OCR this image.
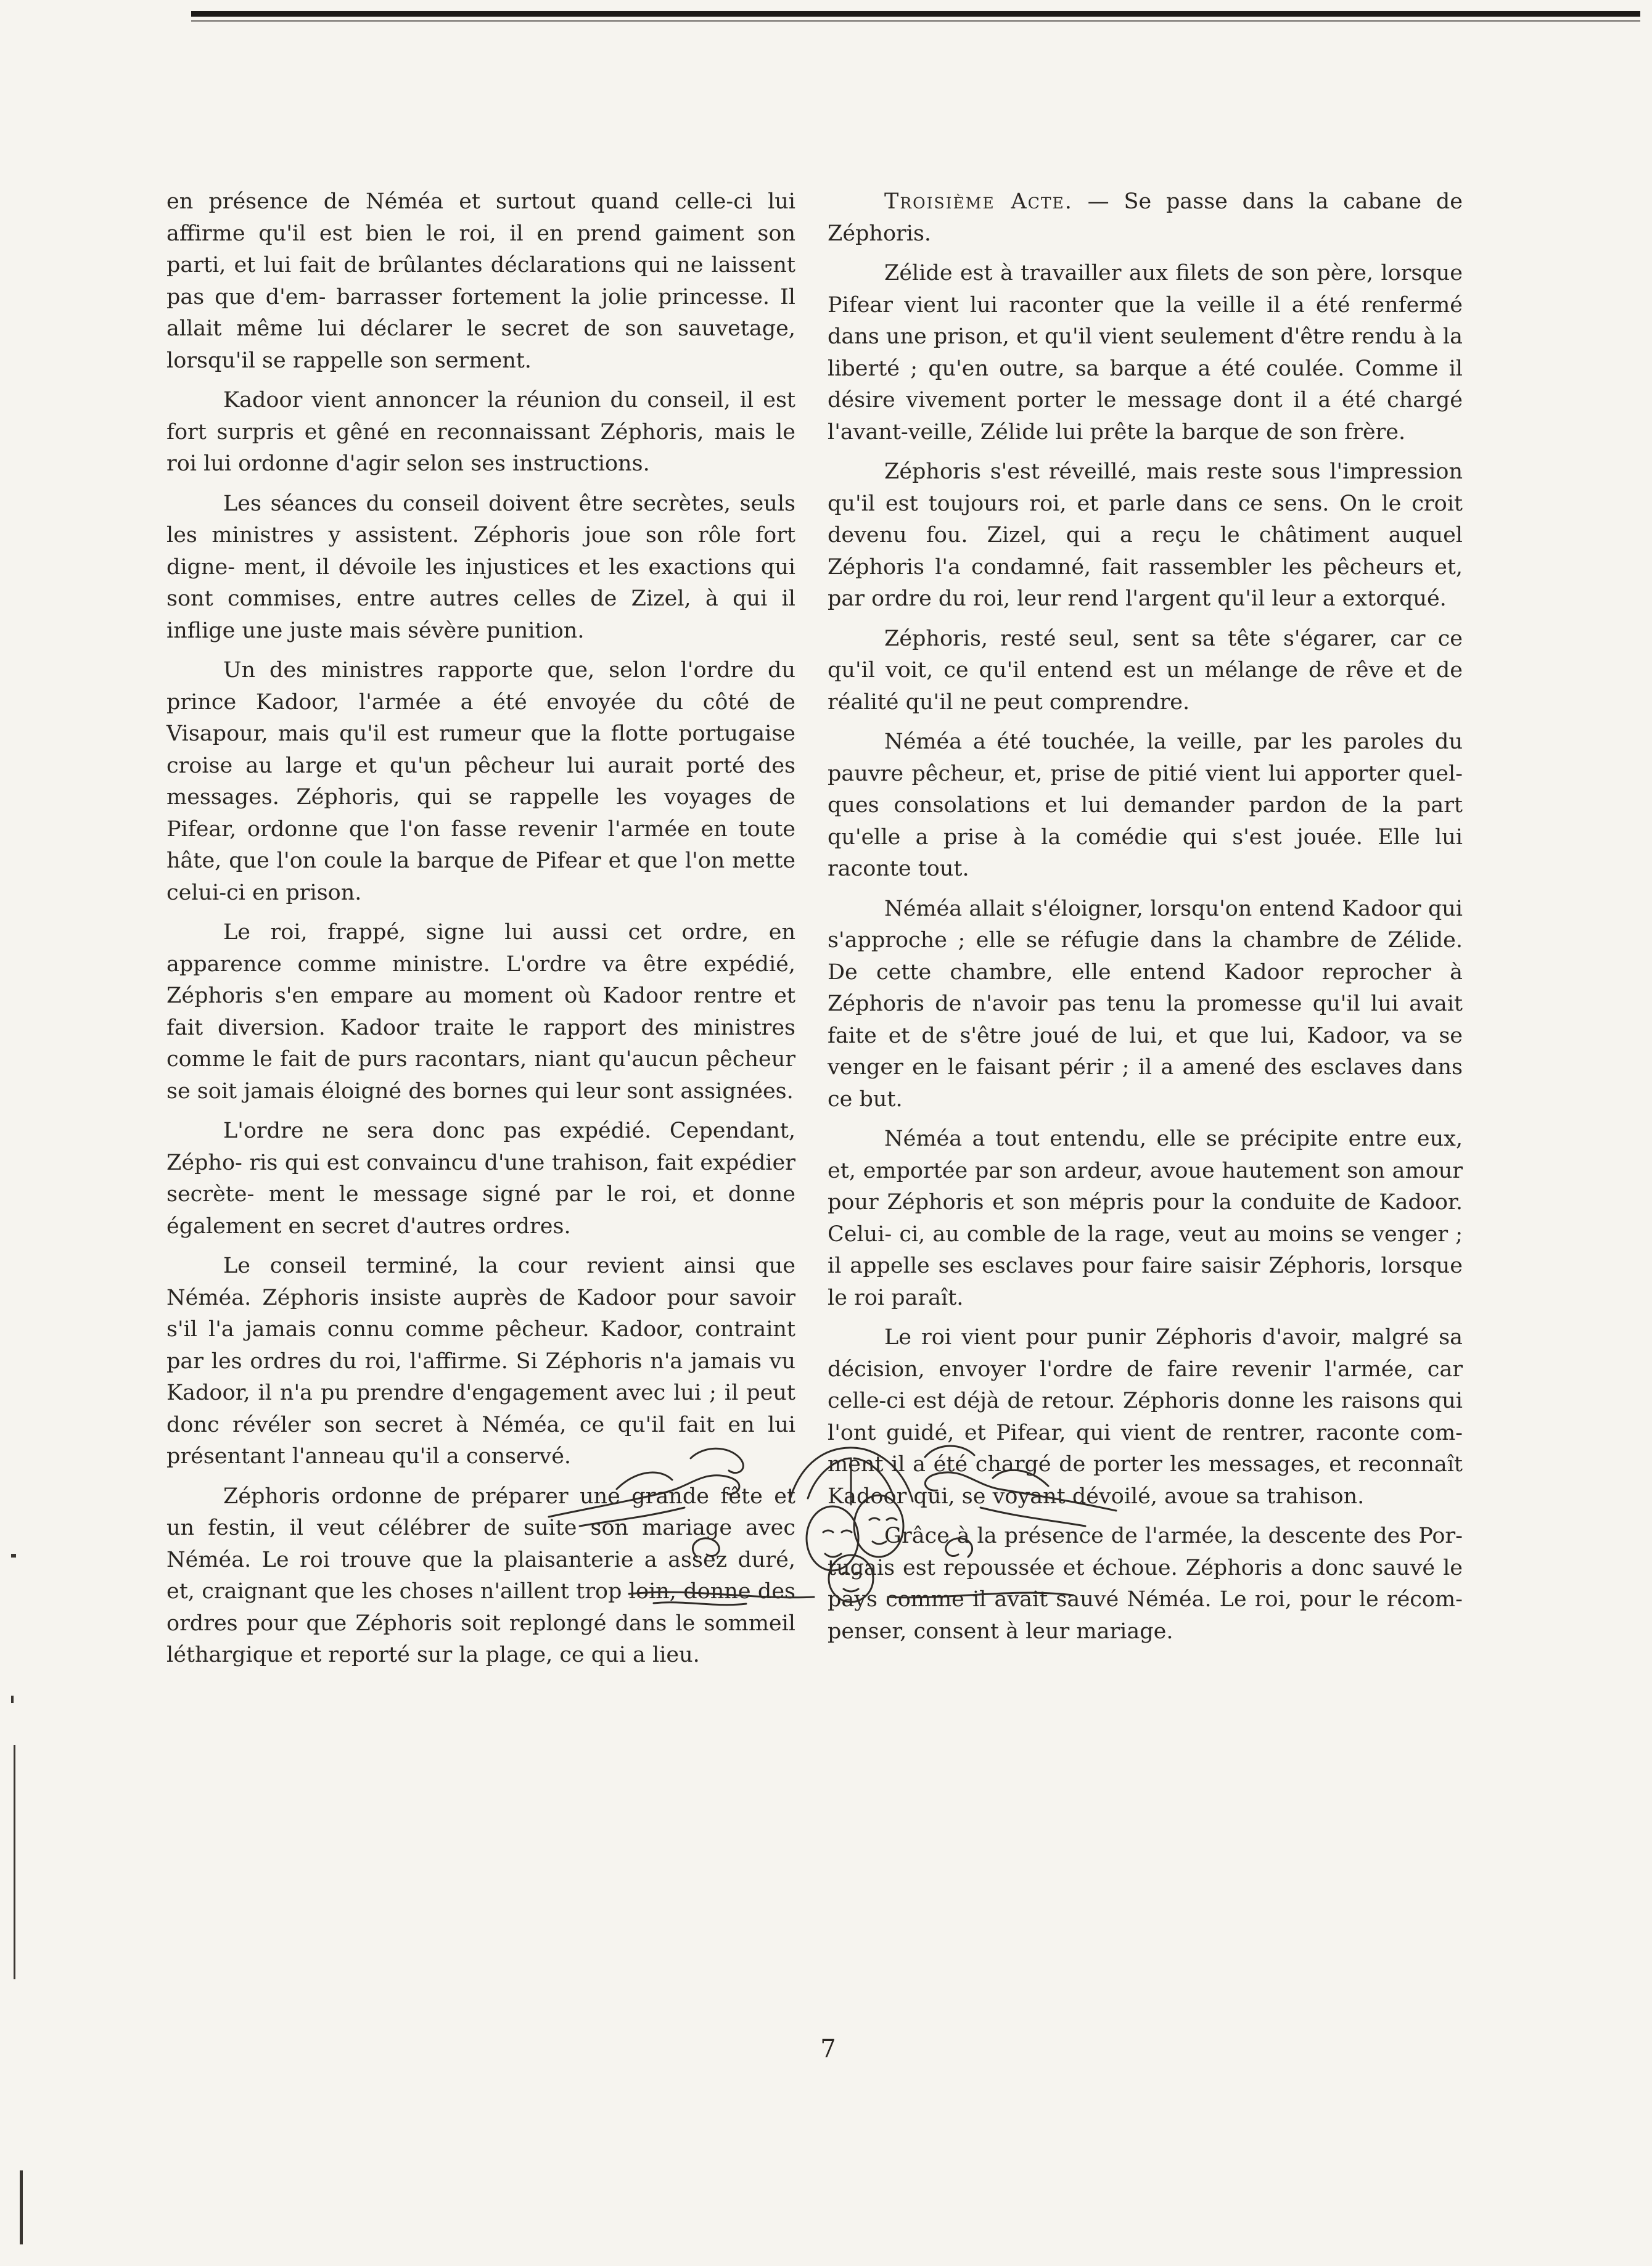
en présence de Néméa et surtout quand celle-ci lui affirme qu'il est bien le roi, il en prend gaiment son parti, et lui fait de brûlantes déclarations qui ne laissent pas que d'em- barrasser fortement la jolie princesse. Il allait même lui déclarer le secret de son sauvetage, lorsqu'il se rappelle son serment.

Kadoor vient annoncer la réunion du conseil, il est fort surpris et gêné en reconnaissant Zéphoris, mais le roi lui ordonne d'agir selon ses instructions.

Les séances du conseil doivent être secrètes, seuls les ministres y assistent. Zéphoris joue son rôle fort digne- ment, il dévoile les injustices et les exactions qui sont commises, entre autres celles de Zizel, à qui il inflige une juste mais sévère punition.

Un des ministres rapporte que, selon l'ordre du prince Kadoor, l'armée a été envoyée du côté de Visapour, mais qu'il est rumeur que la flotte portugaise croise au large et qu'un pêcheur lui aurait porté des messages. Zéphoris, qui se rappelle les voyages de Pifear, ordonne que l'on fasse revenir l'armée en toute hâte, que l'on coule la barque de Pifear et que l'on mette celui-ci en prison.

Le roi, frappé, signe lui aussi cet ordre, en apparence comme ministre. L'ordre va être expédié, Zéphoris s'en empare au moment où Kadoor rentre et fait diversion. Kadoor traite le rapport des ministres comme le fait de purs racontars, niant qu'aucun pêcheur se soit jamais éloigné des bornes qui leur sont assignées.

L'ordre ne sera donc pas expédié. Cependant, Zépho- ris qui est convaincu d'une trahison, fait expédier secrète- ment le message signé par le roi, et donne également en secret d'autres ordres.

Le conseil terminé, la cour revient ainsi que Néméa. Zéphoris insiste auprès de Kadoor pour savoir s'il l'a jamais connu comme pêcheur. Kadoor, contraint par les ordres du roi, l'affirme. Si Zéphoris n'a jamais vu Kadoor, il n'a pu prendre d'engagement avec lui ; il peut donc révéler son secret à Néméa, ce qu'il fait en lui présentant l'anneau qu'il a conservé.

Zéphoris ordonne de préparer une grande fête et un festin, il veut célébrer de suite son mariage avec Néméa. Le roi trouve que la plaisanterie a assez duré, et, craignant que les choses n'aillent trop loin, donne des ordres pour que Zéphoris soit replongé dans le sommeil léthargique et reporté sur la plage, ce qui a lieu.

Troisième Acte. — Se passe dans la cabane de Zéphoris.

Zélide est à travailler aux filets de son père, lorsque Pifear vient lui raconter que la veille il a été renfermé dans une prison, et qu'il vient seulement d'être rendu à la liberté ; qu'en outre, sa barque a été coulée. Comme il désire vivement porter le message dont il a été chargé l'avant-veille, Zélide lui prête la barque de son frère.

Zéphoris s'est réveillé, mais reste sous l'impression qu'il est toujours roi, et parle dans ce sens. On le croit devenu fou. Zizel, qui a reçu le châtiment auquel Zéphoris l'a condamné, fait rassembler les pêcheurs et, par ordre du roi, leur rend l'argent qu'il leur a extorqué.

Zéphoris, resté seul, sent sa tête s'égarer, car ce qu'il voit, ce qu'il entend est un mélange de rêve et de réalité qu'il ne peut comprendre.

Néméa a été touchée, la veille, par les paroles du pauvre pêcheur, et, prise de pitié vient lui apporter quel- ques consolations et lui demander pardon de la part qu'elle a prise à la comédie qui s'est jouée. Elle lui raconte tout.

Néméa allait s'éloigner, lorsqu'on entend Kadoor qui s'approche ; elle se réfugie dans la chambre de Zélide. De cette chambre, elle entend Kadoor reprocher à Zéphoris de n'avoir pas tenu la promesse qu'il lui avait faite et de s'être joué de lui, et que lui, Kadoor, va se venger en le faisant périr ; il a amené des esclaves dans ce but.

Néméa a tout entendu, elle se précipite entre eux, et, emportée par son ardeur, avoue hautement son amour pour Zéphoris et son mépris pour la conduite de Kadoor. Celui- ci, au comble de la rage, veut au moins se venger ; il appelle ses esclaves pour faire saisir Zéphoris, lorsque le roi paraît.

Le roi vient pour punir Zéphoris d'avoir, malgré sa décision, envoyer l'ordre de faire revenir l'armée, car celle-ci est déjà de retour. Zéphoris donne les raisons qui l'ont guidé, et Pifear, qui vient de rentrer, raconte com- ment il a été chargé de porter les messages, et reconnaît Kadoor qui, se voyant dévoilé, avoue sa trahison.

Grâce à la présence de l'armée, la descente des Por- tugais est repoussée et échoue. Zéphoris a donc sauvé le pays comme il avait sauvé Néméa. Le roi, pour le récom- penser, consent à leur mariage.

7
